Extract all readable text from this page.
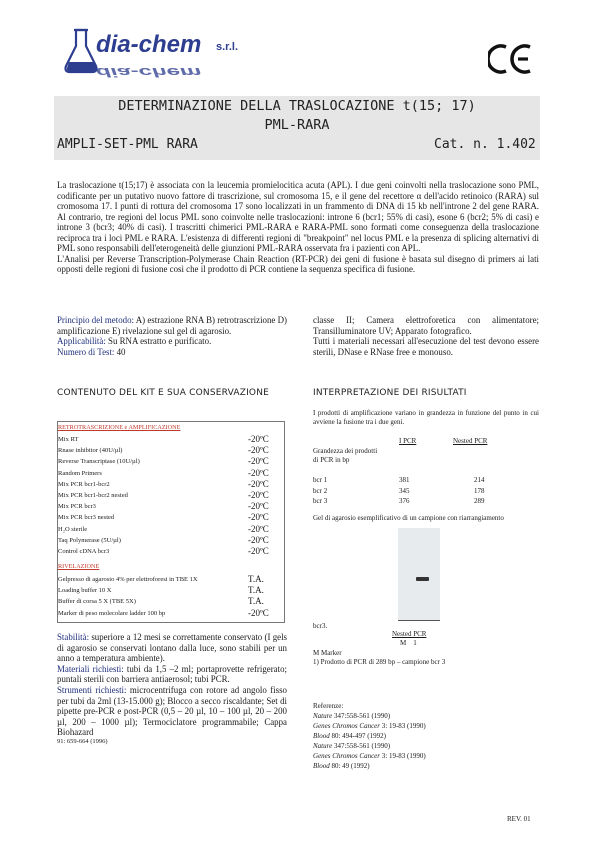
dia-chem
dia-chem
s.r.l.
DETERMINAZIONE DELLA TRASLOCAZIONE t(15; 17)
PML-RARA
AMPLI-SET-PML RARA	Cat. n. 1.402

La traslocazione t(15;17) è associata con la leucemia promielocitica acuta (APL). I due geni coinvolti nella traslocazione sono PML, codificante per un putativo nuovo fattore di trascrizione, sul cromosoma 15, e il gene del recettore α dell'acido retinoico (RARA) sul cromosoma 17. I punti di rottura del cromosoma 17 sono localizzati in un frammento di DNA di 15 kb nell'introne 2 del gene RARA. Al contrario, tre regioni del locus PML sono coinvolte nelle traslocazioni: introne 6 (bcr1; 55% di casi), esone 6 (bcr2; 5% di casi) e introne 3 (bcr3; 40% di casi). I trascritti chimerici PML-RARA e RARA-PML sono formati come conseguenza della traslocazione reciproca tra i loci PML e RARA. L'esistenza di differenti regioni di "breakpoint" nel locus PML e la presenza di splicing alternativi di PML sono responsabili dell'eterogeneità delle giunzioni PML-RARA osservata fra i pazienti con APL.

L'Analisi per Reverse Transcription-Polymerase Chain Reaction (RT-PCR) dei geni di fusione è basata sul disegno di primers ai lati opposti delle regioni di fusione così che il prodotto di PCR contiene la sequenza specifica di fusione.

Principio del metodo: A) estrazione RNA B) retrotrascrizione D) amplificazione E) rivelazione sul gel di agarosio.
Applicabilità: Su RNA estratto e purificato.
Numero di Test: 40
classe II; Camera elettroforetica con alimentatore; Transilluminatore UV; Apparato fotografico.
Tutti i materiali necessari all'esecuzione del test devono essere sterili, DNase e RNase free e monouso.
CONTENUTO DEL KIT E SUA CONSERVAZIONE
RETROTRASCRIZIONE e AMPLIFICAZIONE
RIVELAZIONE
Mix RT	-20ºC
Rnase inhibitor (40U/µl)	-20ºC
Reverse Transcriptase (10U/µl)	-20ºC
Random Primers	-20ºC
Mix PCR bcr1-bcr2	-20ºC
Mix PCR bcr1-bcr2 nested	-20ºC
Mix PCR bcr3	-20ºC
Mix PCR bcr3 nested	-20ºC
H₂O sterile	-20ºC
Taq Polymerase (5U/µl)	-20ºC
Control cDNA bcr3	-20ºC
Gelpresso di agarosio 4% per elettroforesi in TBE 1X	T.A.
Loading buffer 10 X	T.A.
Buffer di corsa 5 X (TBE 5X)	T.A.
Marker di peso molecolare ladder 100 bp	-20ºC
Stabilità: superiore a 12 mesi se correttamente conservato (I gels di agarosio se conservati lontano dalla luce, sono stabili per un anno a temperatura ambiente).
Materiali richiesti: tubi da 1,5 –2 ml; portaprovette refrigerato; puntali sterili con barriera antiaerosol; tubi PCR.
Strumenti richiesti: microcentrifuga con rotore ad angolo fisso per tubi da 2ml (13-15.000 g); Blocco a secco riscaldante; Set di pipette pre-PCR e post-PCR (0,5 – 20 µl, 10 – 100 µl, 20 – 200 µl, 200 – 1000 µl); Termociclatore programmabile; Cappa Biohazard
91: 659-664 (1996)
INTERPRETAZIONE DEI RISULTATI
I prodotti di amplificazione variano in grandezza in funzione del punto in cui avviene la fusione tra i due geni.
I PCR	Nested PCR
Grandezza dei prodotti di PCR in bp
Gel di agarosio esemplificativo di un campione con riarrangiamento
bcr3.
Nested PCR
M    1
M Marker
1) Prodotto di PCR di 289 bp – campione bcr 3
Referenze:
REV. 01
bcr 1	381	214
bcr 2	345	178
bcr 3	376	289
Nature 347:558-561 (1990)
Genes Chromos Cancer 3: 19-83 (1990)
Blood 80: 494-497 (1992)
Nature 347:558-561 (1990)
Genes Chromos Cancer 3: 19-83 (1990)
Blood 80: 49 (1992)
